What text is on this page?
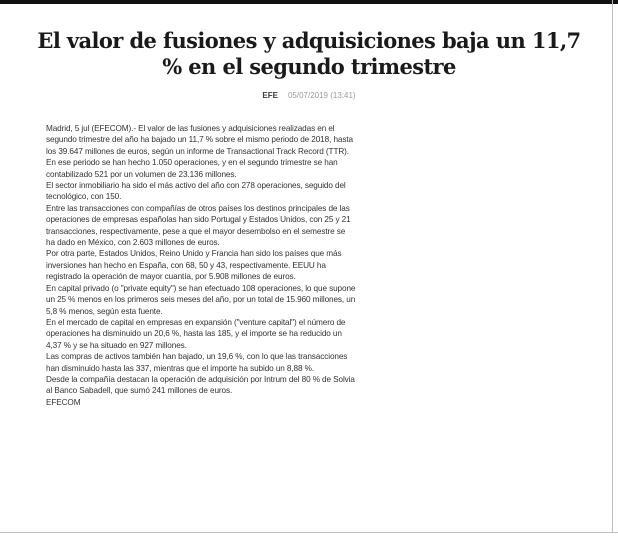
El valor de fusiones y adquisiciones baja un 11,7 % en el segundo trimestre
EFE 05/07/2019 (13:41)

Madrid, 5 jul (EFECOM).- El valor de las fusiones y adquisiciones realizadas en el segundo trimestre del año ha bajado un 11,7 % sobre el mismo periodo de 2018, hasta los 39.647 millones de euros, según un informe de Transactional Track Record (TTR).

En ese periodo se han hecho 1.050 operaciones, y en el segundo trimestre se han contabilizado 521 por un volumen de 23.136 millones.

El sector inmobiliario ha sido el más activo del año con 278 operaciones, seguido del tecnológico, con 150.

Entre las transacciones con compañías de otros países los destinos principales de las operaciones de empresas españolas han sido Portugal y Estados Unidos, con 25 y 21 transacciones, respectivamente, pese a que el mayor desembolso en el semestre se ha dado en México, con 2.603 millones de euros.

Por otra parte, Estados Unidos, Reino Unido y Francia han sido los países que más inversiones han hecho en España, con 68, 50 y 43, respectivamente. EEUU ha registrado la operación de mayor cuantía, por 5.908 millones de euros.

En capital privado (o "private equity") se han efectuado 108 operaciones, lo que supone un 25 % menos en los primeros seis meses del año, por un total de 15.960 millones, un 5,8 % menos, según esta fuente.

En el mercado de capital en empresas en expansión ("venture capital") el número de operaciones ha disminuido un 20,6 %, hasta las 185, y el importe se ha reducido un 4,37 % y se ha situado en 927 millones.

Las compras de activos también han bajado, un 19,6 %, con lo que las transacciones han disminuido hasta las 337, mientras que el importe ha subido un 8,88 %.

Desde la compañía destacan la operación de adquisición por Intrum del 80 % de Solvia al Banco Sabadell, que sumó 241 millones de euros.

EFECOM
